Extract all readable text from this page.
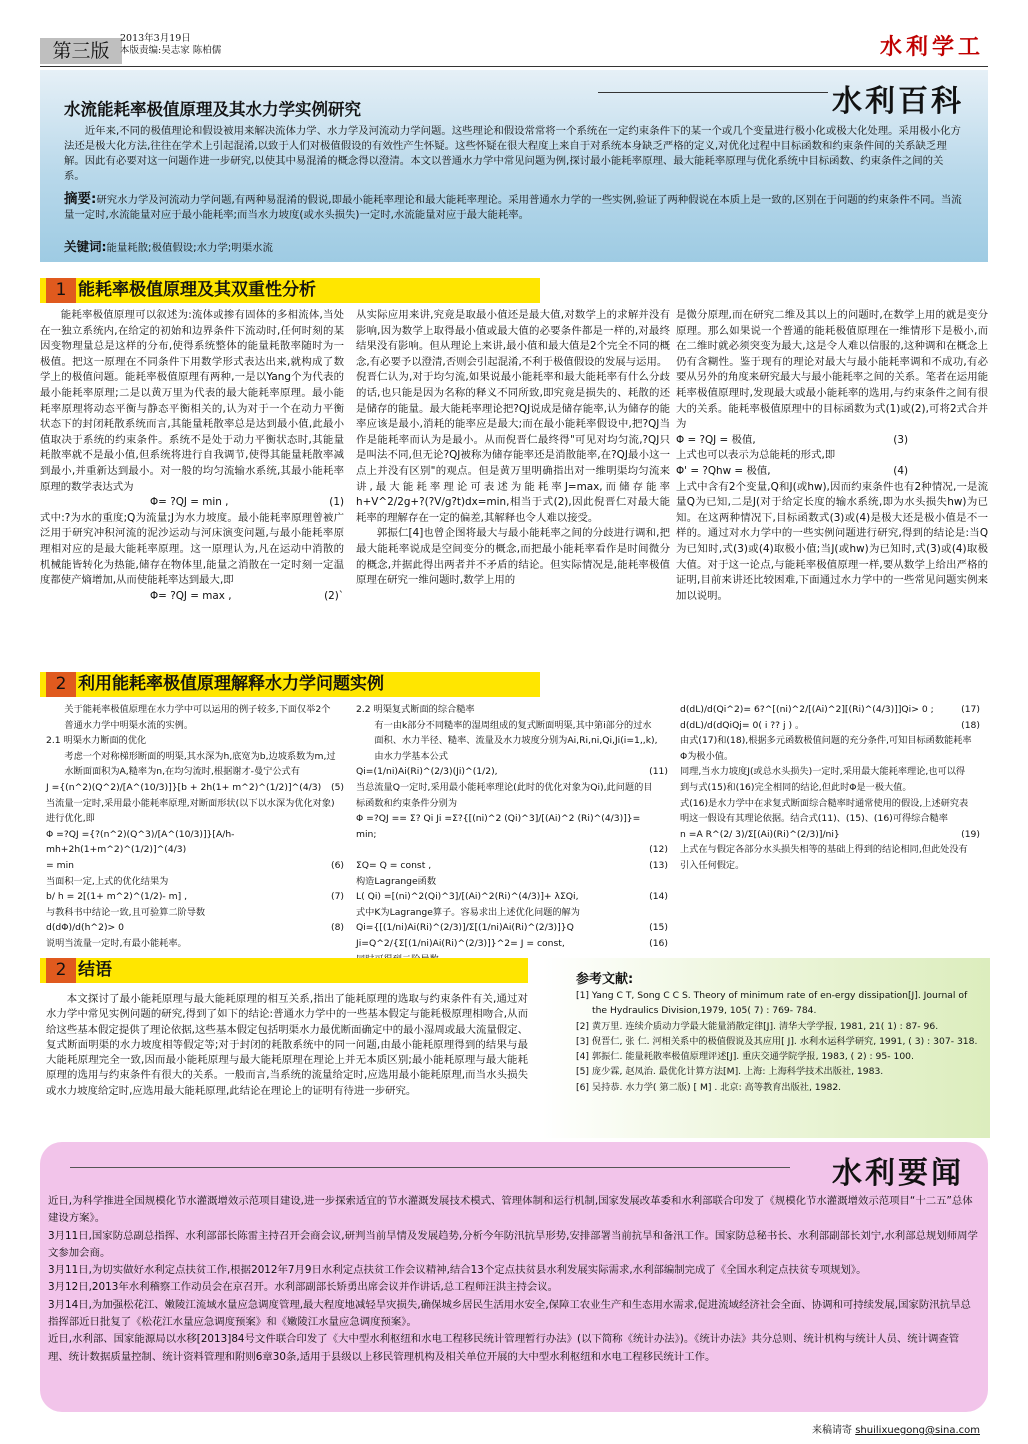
第三版
2013年3月19日
本版责编:吴志家 陈柏儒	水利学工
水流能耗率极值原理及其水力学实例研究	水利百科
近年来,不同的极值理论和假设被用来解决流体力学、水力学及河流动力学问题。这些理论和假设常常将一个系统在一定约束条件下的某一个或几个变量进行极小化或极大化处理。采用极小化方法还是极大化方法,往往在学术上引起混淆,以致于人们对极值假设的有效性产生怀疑。这些怀疑在很大程度上来自于对系统本身缺乏严格的定义,对优化过程中目标函数和约束条件间的关系缺乏理解。因此有必要对这一问题作进一步研究,以使其中易混淆的概念得以澄清。本文以普通水力学中常见问题为例,探讨最小能耗率原理、最大能耗率原理与优化系统中目标函数、约束条件之间的关系。
摘要:研究水力学及河流动力学问题,有两种易混淆的假说,即最小能耗率理论和最大能耗率理论。采用普通水力学的一些实例,验证了两种假说在本质上是一致的,区别在于问题的约束条件不同。当流量一定时,水流能量对应于最小能耗率;而当水力坡度(或水头损失)一定时,水流能量对应于最大能耗率。
关键词:能量耗散;极值假设;水力学;明渠水流
1 能耗率极值原理及其双重性分析

能耗率极值原理可以叙述为:流体或掺有固体的多相流体,当处在一独立系统内,在给定的初始和边界条件下流动时,任何时刻的某因变物理量总是这样的分布,使得系统整体的能量耗散率随时为一极值。把这一原理在不同条件下用数学形式表达出来,就构成了数学上的极值问题。能耗率极值原理有两种,一是以Yang个为代表的最小能耗率原理;二是以黄万里为代表的最大能耗率原理。最小能耗率原理将动态平衡与静态平衡相关的,认为对于一个在动力平衡状态下的封闭耗散系统而言,其能量耗散率总是达到最小值,此最小值取决于系统的约束条件。系统不是处于动力平衡状态时,其能量耗散率就不是最小值,但系统将进行自我调节,使得其能量耗散率减到最小,并重新达到最小。对一般的均匀流输水系统,其最小能耗率原理的数学表达式为

Φ= ?QJ = min ,	(1)

式中:?为水的重度;Q为流量;J为水力坡度。最小能耗率原理曾被广泛用于研究冲积河流的泥沙运动与河床演变问题,与最小能耗率原理相对应的是最大能耗率原理。这一原理认为,凡在运动中消散的机械能皆转化为热能,储存在物体里,能量之消散在一定时刻一定温度都使产熵增加,从而使能耗率达到最大,即

Φ= ?QJ = max ,	(2)`

从实际应用来讲,究竟是取最小值还是最大值,对数学上的求解并没有影响,因为数学上取得最小值或最大值的必要条件都是一样的,对最终结果没有影响。但从理论上来讲,最小值和最大值是2个完全不同的概念,有必要予以澄清,否则会引起混淆,不利于极值假设的发展与运用。

倪晋仁认为,对于均匀流,如果说最小能耗率和最大能耗率有什么分歧的话,也只能是因为名称的释义不同所致,即究竟是损失的、耗散的还是储存的能量。最大能耗率理论把?QJ说成是储存能率,认为储存的能率应该是最小,消耗的能率应是最大;而在最小能耗率假设中,把?QJ当作是能耗率而认为是最小。从而倪晋仁最终得"可见对均匀流,?QJ只是叫法不同,但无论?QJ被称为储存能率还是消散能率,在?QJ最小这一点上并没有区别"的观点。但是黄万里明确指出对一维明渠均匀流来讲,最大能耗率理论可表述为能耗率J=max,而储存能率h+V^2/2g+?(?V/g?t)dx=min,相当于式(2),因此倪晋仁对最大能耗率的理解存在一定的偏差,其解释也令人难以接受。

郭振仁[4]也曾企图将最大与最小能耗率之间的分歧进行调和,把最大能耗率说成是空间变分的概念,而把最小能耗率看作是时间微分的概念,并据此得出两者并不矛盾的结论。但实际情况是,能耗率极值原理在研究一维问题时,数学上用的

是微分原理,而在研究二维及其以上的问题时,在数学上用的就是变分原理。那么如果说一个普通的能耗极值原理在一维情形下是极小,而在二维时就必须突变为最大,这是令人难以信服的,这种调和在概念上仍有含糊性。鉴于现有的理论对最大与最小能耗率调和不成功,有必要从另外的角度来研究最大与最小能耗率之间的关系。笔者在运用能耗率极值原理时,发现最大或最小能耗率的选用,与约束条件之间有很大的关系。能耗率极值原理中的目标函数为式(1)或(2),可将2式合并为

Φ = ?QJ = 极值,	(3)

上式也可以表示为总能耗的形式,即

Φ' = ?Qhw = 极值,	(4)

上式中含有2个变量,Q和J(或hw),因而约束条件也有2种情况,一是流量Q为已知,二是J(对于给定长度的输水系统,即为水头损失hw)为已知。在这两种情况下,目标函数式(3)或(4)是极大还是极小值是不一样的。通过对水力学中的一些实例问题进行研究,得到的结论是:当Q为已知时,式(3)或(4)取极小值;当J(或hw)为已知时,式(3)或(4)取极大值。对于这一论点,与能耗率极值原理一样,要从数学上给出严格的证明,目前来讲还比较困难,下面通过水力学中的一些常见问题实例来加以说明。

2 利用能耗率极值原理解释水力学问题实例
关于能耗率极值原理在水力学中可以运用的例子较多,下面仅举2个普通水力学中明渠水流的实例。
2.1 明渠水力断面的优化
考虑一个对称梯形断面的明渠,其水深为h,底宽为b,边坡系数为m,过水断面面积为A,糙率为n,在均匀流时,根据谢才-曼宁公式有
J ={(n^2)(Q^2)/[A^(10/3)]}[b + 2h(1+ m^2)^(1/2)]^(4/3)	(5)
当流量一定时,采用最小能耗率原理,对断面形状(以下以水深为优化对象)进行优化,即
Φ =?QJ ={?(n^2)(Q^3)/[A^(10/3)]}[A/h-mh+2h(1+m^2)^(1/2)]^(4/3)
= min	(6)
当面积一定,上式的优化结果为
b/ h = 2[(1+ m^2)^(1/2)- m] ,	(7)
与教科书中结论一致,且可验算二阶导数
d(dΦ)/d(h^2)> 0	(8)
说明当流量一定时,有最小能耗率。
2.2 明渠复式断面的综合糙率
有一由k部分不同糙率的湿周组成的复式断面明渠,其中第i部分的过水面积、水力半径、糙率、流量及水力坡度分别为Ai,Ri,ni,Qi,Ji(i=1,,k),由水力学基本公式
Qi=(1/ni)Ai(Ri)^(2/3)(Ji)^(1/2),	(11)
当总流量Q一定时,采用最小能耗率理论(此时的优化对象为Qi),此问题的目标函数和约束条件分别为
Φ =?QJ == Σ? Qi Ji =Σ?{[(ni)^2 (Qi)^3]/[(Ai)^2 (Ri)^(4/3)]}= min;
(12)
ΣQ= Q = const ,	(13)
构造Lagrange函数
L( Qi) =[(ni)^2(Qi)^3]/[(Ai)^2(Ri)^(4/3)]+ λΣQi,	(14)
式中K为Lagrange算子。容易求出上述优化问题的解为
Qi={[(1/ni)Ai(Ri)^(2/3)]/Σ[(1/ni)Ai(Ri)^(2/3)]}Q	(15)
Ji=Q^2/{Σ[(1/ni)Ai(Ri)^(2/3)]}^2= J = const,	(16)
d(dL)/d(Qi^2)= 6?^[(ni)^2/[(Ai)^2][(Ri)^(4/3)]]Qi> 0 ;	(17)
d(dL)/d(dQiQj= 0( i ?? j ) 。	(18)
由式(17)和(18),根据多元函数极值问题的充分条件,可知目标函数能耗率Φ为极小值。
同理,当水力坡度J(或总水头损失)一定时,采用最大能耗率理论,也可以得到与式(15)和(16)完全相同的结论,但此时Φ是一极大值。
式(16)是水力学中在求复式断面综合糙率时通常使用的假设,上述研究表明这一假设有其理论依据。结合式(11)、(15)、(16)可得综合糙率
n =A R^(2/ 3)/Σ[(Ai)(Ri)^(2/3)]/ni}	(19)
上式在与假定各部分水头损失相等的基础上得到的结论相同,但此处没有引入任何假定。
2 结语
本文探讨了最小能耗原理与最大能耗原理的相互关系,指出了能耗原理的选取与约束条件有关,通过对水力学中常见实例问题的研究,得到了如下的结论:普通水力学中的一些基本假定与能耗极原理相吻合,从而给这些基本假定提供了理论依据,这些基本假定包括明渠水力最优断面确定中的最小湿周或最大流量假定、复式断面明渠的水力坡度相等假定等;对于封闭的耗散系统中的同一问题,由最小能耗原理得到的结果与最大能耗原理完全一致,因而最小能耗原理与最大能耗原理在理论上并无本质区别;最小能耗原理与最大能耗原理的选用与约束条件有很大的关系。一般而言,当系统的流量给定时,应选用最小能耗原理,而当水头损失或水力坡度给定时,应选用最大能耗原理,此结论在理论上的证明有待进一步研究。
参考文献:
[1] Yang C T, Song C C S. Theory of minimum rate of en-ergy dissipation[J]. Journal of the Hydraulics Division,1979, 105( 7) : 769- 784.
[2] 黄万里. 连续介质动力学最大能量消散定律[J]. 清华大学学报, 1981, 21( 1) : 87- 96.
[3] 倪晋仁, 张 仁. 河相关系中的极值假说及其应用[ J]. 水利水运科学研究, 1991, ( 3) : 307- 318.
[4] 郭振仁. 能量耗散率极值原理评述[J]. 重庆交通学院学报, 1983, ( 2) : 95- 100.
[5] 庞少霖, 赵凤治. 最优化计算方法[M]. 上海: 上海科学技术出版社, 1983.
[6] 吴持恭. 水力学( 第二版) [ M] . 北京: 高等教育出版社, 1982.
水利要闻

近日,为科学推进全国规模化节水灌溉增效示范项目建设,进一步探索适宜的节水灌溉发展技术模式、管理体制和运行机制,国家发展改革委和水利部联合印发了《规模化节水灌溉增效示范项目“十二五”总体建设方案》。

3月11日,国家防总副总指挥、水利部部长陈雷主持召开会商会议,研判当前旱情及发展趋势,分析今年防汛抗旱形势,安排部署当前抗旱和备汛工作。国家防总秘书长、水利部副部长刘宁,水利部总规划师周学文参加会商。

3月11日,为切实做好水利定点扶贫工作,根据2012年7月9日水利定点扶贫工作会议精神,结合13个定点扶贫县水利发展实际需求,水利部编制完成了《全国水利定点扶贫专项规划》。

3月12日,2013年水利稽察工作动员会在京召开。水利部副部长矫勇出席会议并作讲话,总工程师汪洪主持会议。

3月14日,为加强松花江、嫩陵江流域水量应急调度管理,最大程度地减轻旱灾损失,确保城乡居民生活用水安全,保障工农业生产和生态用水需求,促进流域经济社会全面、协调和可持续发展,国家防汛抗旱总指挥部近日批复了《松花江水量应急调度预案》和《嫩陵江水量应急调度预案》。

近日,水利部、国家能源局以水移[2013]84号文件联合印发了《大中型水利枢纽和水电工程移民统计管理暂行办法》(以下简称《统计办法》)。《统计办法》共分总则、统计机构与统计人员、统计调查管理、统计数据质量控制、统计资料管理和附则6章30条,适用于县级以上移民管理机构及相关单位开展的大中型水利枢纽和水电工程移民统计工作。

来稿请寄 shuilixuegong@sina.com
